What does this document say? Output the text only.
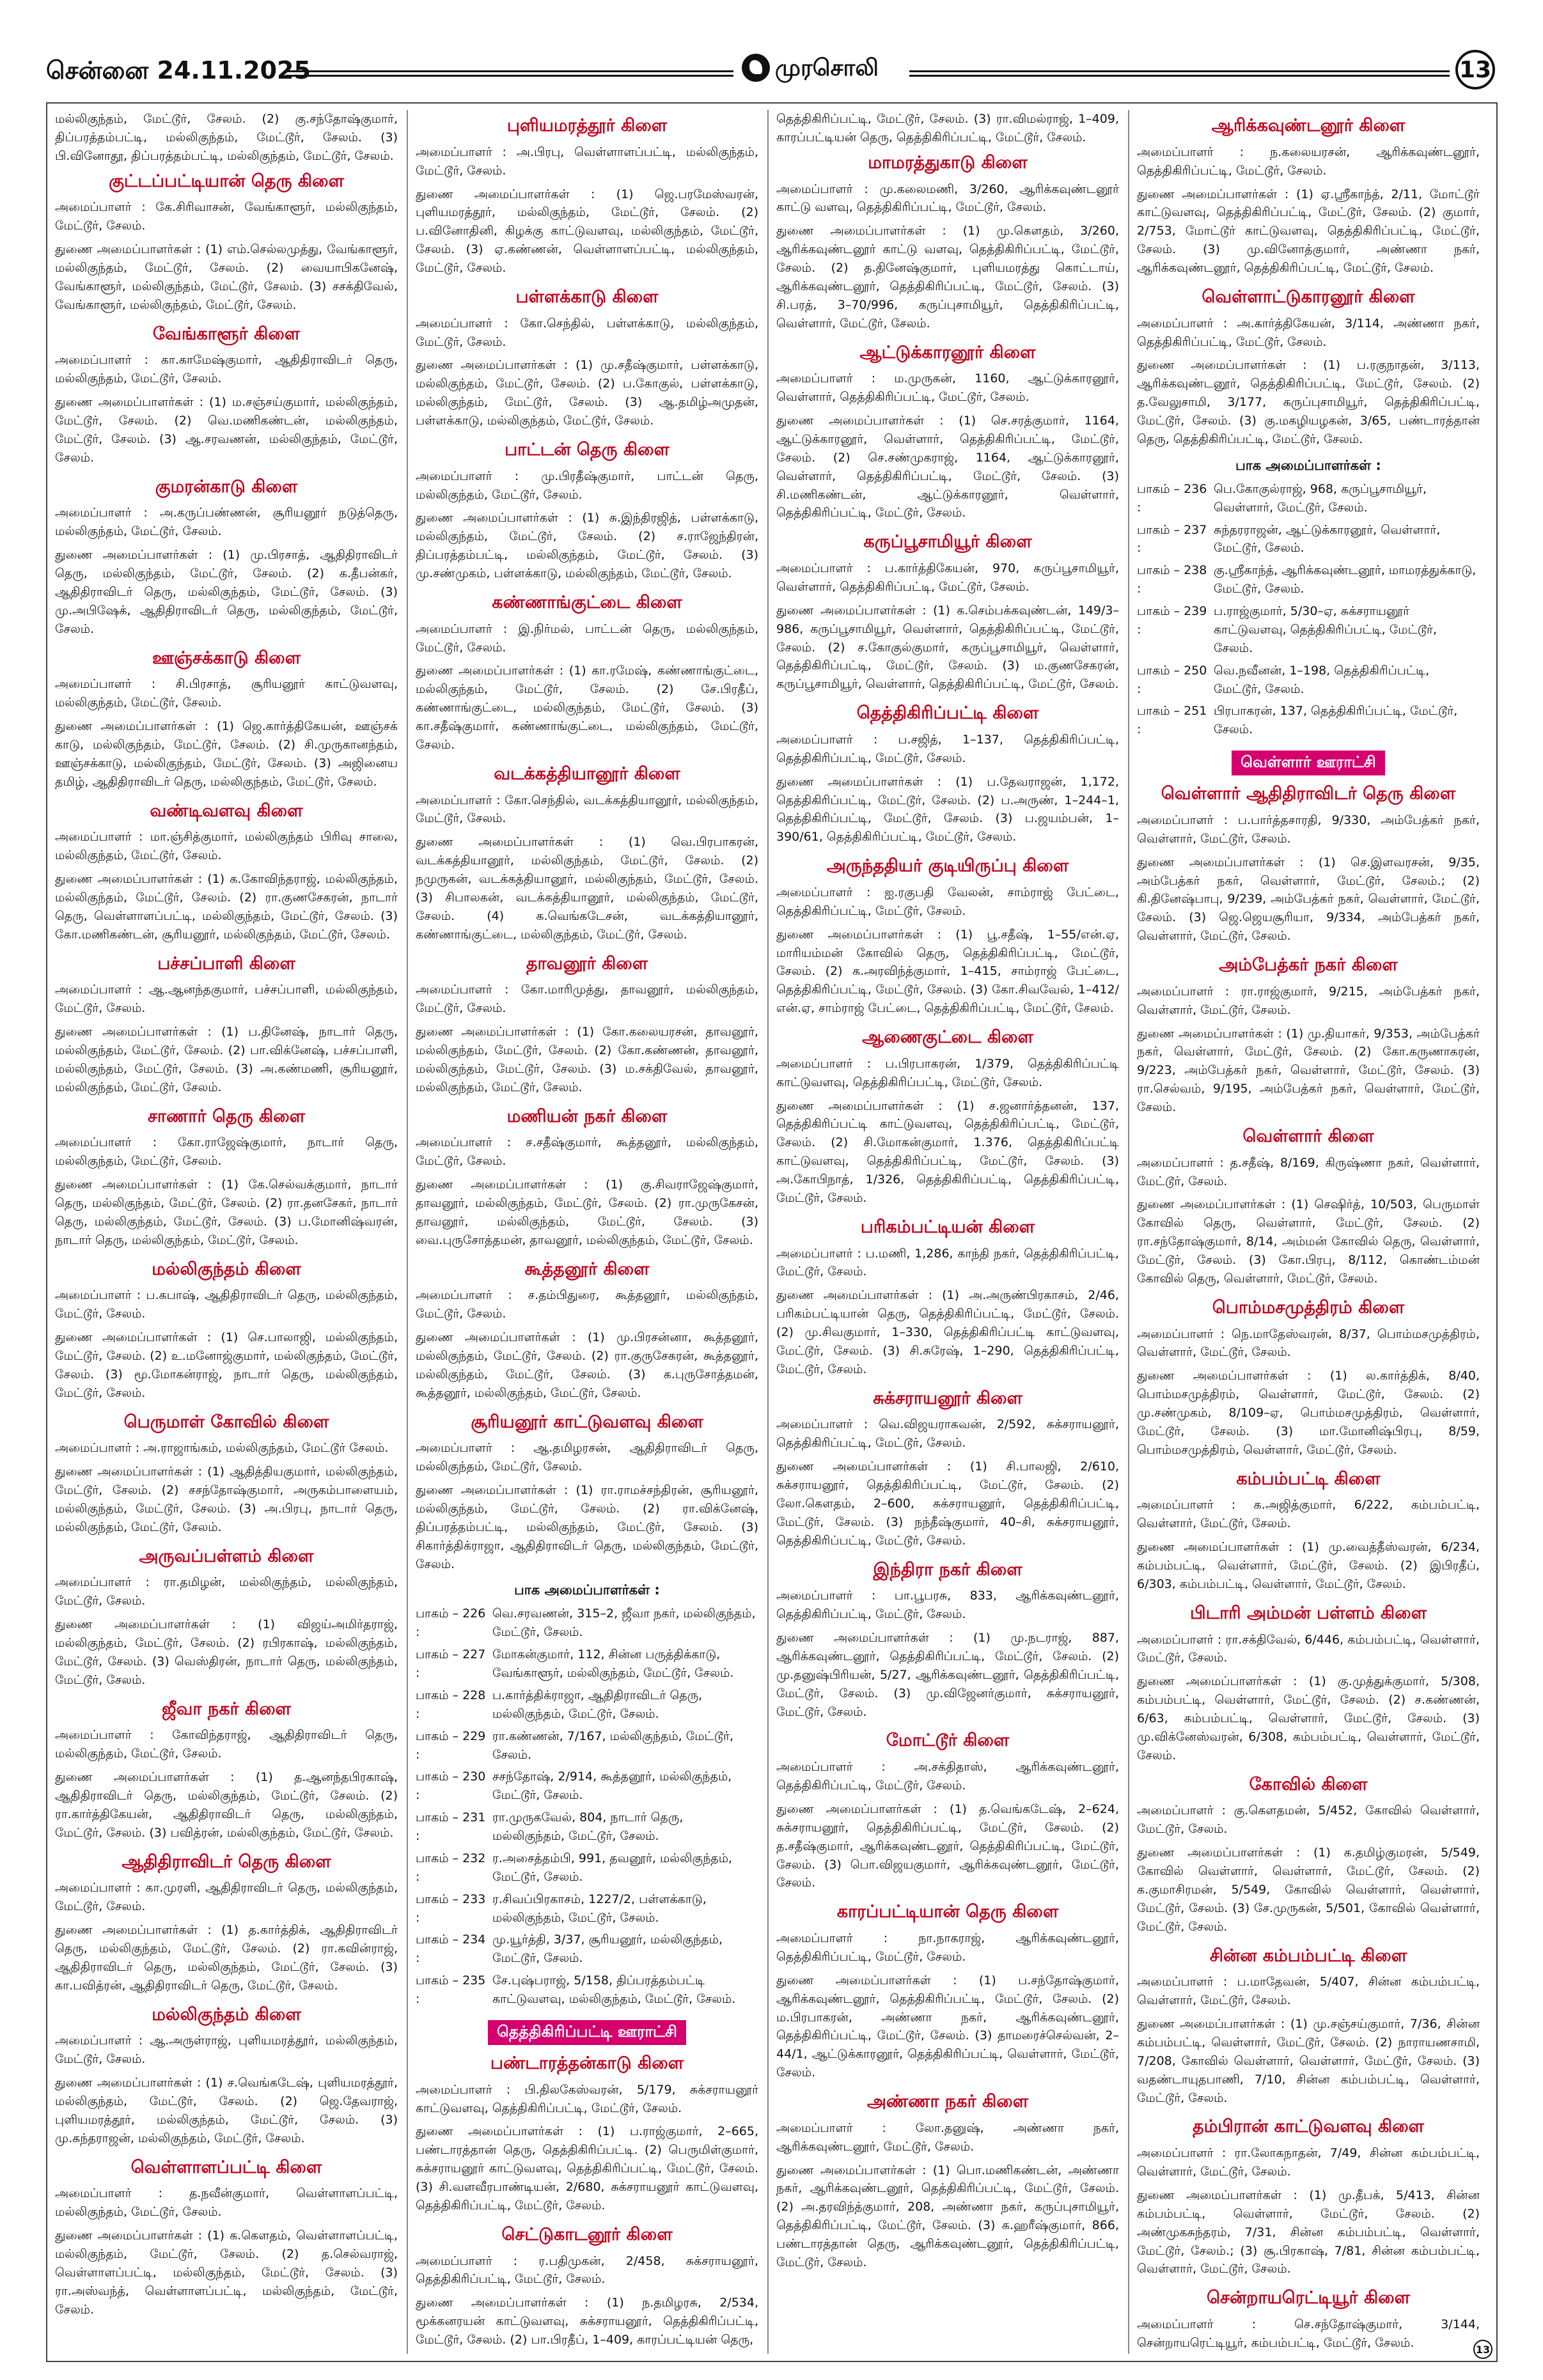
சென்னை 24.11.2025	முரசொலி	13
மல்லிகுந்தம், மேட்டூர், சேலம். (2) கு.சந்தோஷ்குமார், திப்பரத்தம்பட்டி, மல்லிகுந்தம், மேட்டூர், சேலம். (3) பி.வினோதூ, திப்பரத்தம்பட்டி, மல்லிகுந்தம், மேட்டூர், சேலம்.
குட்டப்பட்டியான் தெரு கிளை
அமைப்பாளர் : கே.சிரிவாசன், வேங்காளூர், மல்லிகுந்தம், மேட்டூர், சேலம்.
துணை அமைப்பாளர்கள் : (1) எம்.செல்லமுத்து, வேங்காளூர், மல்லிகுந்தம், மேட்டூர், சேலம். (2) வையாபிகனேஷ், வேங்காளூர், மல்லிகுந்தம், மேட்டூர், சேலம். (3) சசக்திவேல், வேங்காளூர், மல்லிகுந்தம், மேட்டூர், சேலம்.
வேங்காளூர் கிளை
அமைப்பாளர் : கா.காமேஷ்குமார், ஆதிதிராவிடர் தெரு, மல்லிகுந்தம், மேட்டூர், சேலம்.
துணை அமைப்பாளர்கள் : (1) ம.சஞ்சய்குமார், மல்லிகுந்தம், மேட்டூர், சேலம். (2) வெ.மணிகண்டன், மல்லிகுந்தம், மேட்டூர், சேலம். (3) ஆ.சரவணன், மல்லிகுந்தம், மேட்டூர், சேலம்.
குமரன்காடு கிளை
அமைப்பாளர் : அ.கருப்பண்ணன், சூரியனூர் நடுத்தெரு, மல்லிகுந்தம், மேட்டூர், சேலம்.
துணை அமைப்பாளர்கள் : (1) மு.பிரசாத், ஆதிதிராவிடர் தெரு, மல்லிகுந்தம், மேட்டூர், சேலம். (2) க.தீபன்கர், ஆதிதிராவிடர் தெரு, மல்லிகுந்தம், மேட்டூர், சேலம். (3) மு.அபிஷேக், ஆதிதிராவிடர் தெரு, மல்லிகுந்தம், மேட்டூர், சேலம்.
ஊஞ்சக்காடு கிளை
அமைப்பாளர் : சி.பிரசாத், சூரியனூர் காட்டுவளவு, மல்லிகுந்தம், மேட்டூர், சேலம்.
துணை அமைப்பாளர்கள் : (1) ஜெ.கார்த்திகேயன், ஊஞ்சக் காடு, மல்லிகுந்தம், மேட்டூர், சேலம். (2) சி.முருகானந்தம், ஊஞ்சக்காடு, மல்லிகுந்தம், மேட்டூர், சேலம். (3) அஜினைய தமிழ், ஆதிதிராவிடர் தெரு, மல்லிகுந்தம், மேட்டூர், சேலம்.
வண்டிவளவு கிளை
அமைப்பாளர் : மா.ஞ்சித்குமார், மல்லிகுந்தம் பிரிவு சாலை, மல்லிகுந்தம், மேட்டூர், சேலம்.
துணை அமைப்பாளர்கள் : (1) க.கோவிந்தராஜ், மல்லிகுந்தம், மல்லிகுந்தம், மேட்டூர், சேலம். (2) ரா.குணசேகரன், நாடார் தெரு, வெள்ளாளப்பட்டி, மல்லிகுந்தம், மேட்டூர், சேலம். (3) கோ.மணிகண்டன், சூரியனூர், மல்லிகுந்தம், மேட்டூர், சேலம்.
பச்சப்பாளி கிளை
அமைப்பாளர் : ஆ.ஆனந்தகுமார், பச்சப்பாளி, மல்லிகுந்தம், மேட்டூர், சேலம்.
துணை அமைப்பாளர்கள் : (1) ப.தினேஷ், நாடார் தெரு, மல்லிகுந்தம், மேட்டூர், சேலம். (2) பா.விக்னேஷ், பச்சப்பாளி, மல்லிகுந்தம், மேட்டூர், சேலம். (3) அ.கண்மணி, சூரியனூர், மல்லிகுந்தம், மேட்டூர், சேலம்.
சாணார் தெரு கிளை
அமைப்பாளர் : கோ.ராஜேஷ்குமார், நாடார் தெரு, மல்லிகுந்தம், மேட்டூர், சேலம்.
துணை அமைப்பாளர்கள் : (1) கே.செல்வக்குமார், நாடார் தெரு, மல்லிகுந்தம், மேட்டூர், சேலம். (2) ரா.தனசேகர், நாடார் தெரு, மல்லிகுந்தம், மேட்டூர், சேலம். (3) ப.மோனிஷ்வரன், நாடார் தெரு, மல்லிகுந்தம், மேட்டூர், சேலம்.
மல்லிகுந்தம் கிளை
அமைப்பாளர் : ப.கபாஷ், ஆதிதிராவிடர் தெரு, மல்லிகுந்தம், மேட்டூர், சேலம்.
துணை அமைப்பாளர்கள் : (1) செ.பாலாஜி, மல்லிகுந்தம், மேட்டூர், சேலம். (2) உ.மனோஜ்குமார், மல்லிகுந்தம், மேட்டூர், சேலம். (3) மூ.மோகன்ராஜ், நாடார் தெரு, மல்லிகுந்தம், மேட்டூர், சேலம்.
பெருமாள் கோவில் கிளை
அமைப்பாளர் : அ.ராஜாங்கம், மல்லிகுந்தம், மேட்டூர் சேலம்.
துணை அமைப்பாளர்கள் : (1) ஆதித்தியகுமார், மல்லிகுந்தம், மேட்டூர், சேலம். (2) சசந்தோஷ்குமார், அருகம்பாளையம், மல்லிகுந்தம், மேட்டூர், சேலம். (3) அ.பிரபு, நாடார் தெரு, மல்லிகுந்தம், மேட்டூர், சேலம்.
அருவப்பள்ளம் கிளை
அமைப்பாளர் : ரா.தமிழன், மல்லிகுந்தம், மல்லிகுந்தம், மேட்டூர், சேலம்.
துணை அமைப்பாளர்கள் : (1) விஜய்அமிர்தராஜ், மல்லிகுந்தம், மேட்டூர், சேலம். (2) ரபிரகாஷ், மல்லிகுந்தம், மேட்டூர், சேலம். (3) வெஸ்திரன், நாடார் தெரு, மல்லிகுந்தம், மேட்டூர், சேலம்.
ஜீவா நகர் கிளை
அமைப்பாளர் : கோவிந்தராஜ், ஆதிதிராவிடர் தெரு, மல்லிகுந்தம், மேட்டூர், சேலம்.
துணை அமைப்பாளர்கள் : (1) த.ஆனந்தபிரகாஷ், ஆதிதிராவிடர் தெரு, மல்லிகுந்தம், மேட்டூர், சேலம். (2) ரா.கார்த்திகேயன், ஆதிதிராவிடர் தெரு, மல்லிகுந்தம், மேட்டூர், சேலம். (3) பவித்ரன், மல்லிகுந்தம், மேட்டூர், சேலம்.
ஆதிதிராவிடர் தெரு கிளை
அமைப்பாளர் : கா.முரளி, ஆதிதிராவிடர் தெரு, மல்லிகுந்தம், மேட்டூர், சேலம்.
துணை அமைப்பாளர்கள் : (1) த.கார்த்திக், ஆதிதிராவிடர் தெரு, மல்லிகுந்தம், மேட்டூர், சேலம். (2) ரா.கவின்ராஜ், ஆதிதிராவிடர் தெரு, மல்லிகுந்தம், மேட்டூர், சேலம். (3) கா.பவித்ரன், ஆதிதிராவிடர் தெரு, மேட்டூர், சேலம்.
மல்லிகுந்தம் கிளை
அமைப்பாளர் : ஆ.அருள்ராஜ், புளியமரத்தூர், மல்லிகுந்தம், மேட்டூர், சேலம்.
துணை அமைப்பாளர்கள் : (1) ச.வெங்கடேஷ், புளியமரத்தூர், மல்லிகுந்தம், மேட்டூர், சேலம். (2) ஜெ.தேவராஜ், புளியமரத்தூர், மல்லிகுந்தம், மேட்டூர், சேலம். (3) மு.கந்தராஜன், மல்லிகுந்தம், மேட்டூர், சேலம்.
வெள்ளாளப்பட்டி கிளை
அமைப்பாளர் : த.நவீன்குமார், வெள்ளாளப்பட்டி, மல்லிகுந்தம், மேட்டூர், சேலம்.
துணை அமைப்பாளர்கள் : (1) க.கௌதம், வெள்ளாளப்பட்டி, மல்லிகுந்தம், மேட்டூர், சேலம். (2) த.செல்வராஜ், வெள்ளாளப்பட்டி, மல்லிகுந்தம், மேட்டூர், சேலம். (3) ரா.அஸ்வந்த், வெள்ளாளப்பட்டி, மல்லிகுந்தம், மேட்டூர், சேலம்.
புளியமரத்தூர் கிளை
அமைப்பாளர் : அ.பிரபு, வெள்ளாளப்பட்டி, மல்லிகுந்தம், மேட்டூர், சேலம்.
துணை அமைப்பாளர்கள் : (1) ஜெ.பரமேஸ்வரன், புளியமரத்தூர், மல்லிகுந்தம், மேட்டூர், சேலம். (2) ப.வினோதினி, கிழக்கு காட்டுவளவு, மல்லிகுந்தம், மேட்டூர், சேலம். (3) ஏ.கண்ணன், வெள்ளாளப்பட்டி, மல்லிகுந்தம், மேட்டூர், சேலம்.
பள்ளக்காடு கிளை
அமைப்பாளர் : கோ.செந்தில், பள்ளக்காடு, மல்லிகுந்தம், மேட்டூர், சேலம்.
துணை அமைப்பாளர்கள் : (1) மு.சதீஷ்குமார், பள்ளக்காடு, மல்லிகுந்தம், மேட்டூர், சேலம். (2) ப.கோகுல், பள்ளக்காடு, மல்லிகுந்தம், மேட்டூர், சேலம். (3) ஆ.தமிழ்அமுதன், பள்ளக்காடு, மல்லிகுந்தம், மேட்டூர், சேலம்.
பாட்டன் தெரு கிளை
அமைப்பாளர் : மு.பிரதீஷ்குமார், பாட்டன் தெரு, மல்லிகுந்தம், மேட்டூர், சேலம்.
துணை அமைப்பாளர்கள் : (1) சு.இந்திரஜித், பள்ளக்காடு, மல்லிகுந்தம், மேட்டூர், சேலம். (2) ச.ராஜேந்திரன், திப்பரத்தம்பட்டி, மல்லிகுந்தம், மேட்டூர், சேலம். (3) மு.சண்முகம், பள்ளக்காடு, மல்லிகுந்தம், மேட்டூர், சேலம்.
கண்ணாங்குட்டை கிளை
அமைப்பாளர் : இ.நிர்மல், பாட்டன் தெரு, மல்லிகுந்தம், மேட்டூர், சேலம்.
துணை அமைப்பாளர்கள் : (1) கா.ரமேஷ், கண்ணாங்குட்டை, மல்லிகுந்தம், மேட்டூர், சேலம். (2) சே.பிரதீப், கண்ணாங்குட்டை, மல்லிகுந்தம், மேட்டூர், சேலம். (3) கா.சதீஷ்குமார், கண்ணாங்குட்டை, மல்லிகுந்தம், மேட்டூர், சேலம்.
வடக்கத்தியானூர் கிளை
அமைப்பாளர் : கோ.செந்தில், வடக்கத்தியானூர், மல்லிகுந்தம், மேட்டூர், சேலம்.
துணை அமைப்பாளர்கள் : (1) வெ.பிரபாகரன், வடக்கத்தியானூர், மல்லிகுந்தம், மேட்டூர், சேலம். (2) நமுருகன், வடக்கத்தியானூர், மல்லிகுந்தம், மேட்டூர், சேலம். (3) சிபாலகன், வடக்கத்தியானூர், மல்லிகுந்தம், மேட்டூர், சேலம். (4) க.வெங்கடேசன், வடக்கத்தியானூர், கண்ணாங்குட்டை, மல்லிகுந்தம், மேட்டூர், சேலம்.
தாவனூர் கிளை
அமைப்பாளர் : கோ.மாரிமுத்து, தாவனூர், மல்லிகுந்தம், மேட்டூர், சேலம்.
துணை அமைப்பாளர்கள் : (1) கோ.கலையரசன், தாவனூர், மல்லிகுந்தம், மேட்டூர், சேலம். (2) கோ.கண்ணன், தாவனூர், மல்லிகுந்தம், மேட்டூர், சேலம். (3) ம.சக்திவேல், தாவனூர், மல்லிகுந்தம், மேட்டூர், சேலம்.
மணியன் நகர் கிளை
அமைப்பாளர் : ச.சதீஷ்குமார், கூத்தனூர், மல்லிகுந்தம், மேட்டூர், சேலம்.
துணை அமைப்பாளர்கள் : (1) கு.சிவராஜேஷ்குமார், தாவனூர், மல்லிகுந்தம், மேட்டூர், சேலம். (2) ரா.முருகேசன், தாவனூர், மல்லிகுந்தம், மேட்டூர், சேலம். (3) வை.புருசோத்தமன், தாவனூர், மல்லிகுந்தம், மேட்டூர், சேலம்.
கூத்தனூர் கிளை
அமைப்பாளர் : ச.தம்பிதுரை, கூத்தனூர், மல்லிகுந்தம், மேட்டூர், சேலம்.
துணை அமைப்பாளர்கள் : (1) மு.பிரசன்னா, கூத்தனூர், மல்லிகுந்தம், மேட்டூர், சேலம். (2) ரா.குருசேகரன், கூத்தனூர், மல்லிகுந்தம், மேட்டூர், சேலம். (3) க.புருசோத்தமன், கூத்தனூர், மல்லிகுந்தம், மேட்டூர், சேலம்.
சூரியனூர் காட்டுவளவு கிளை
அமைப்பாளர் : ஆ.தமிழரசன், ஆதிதிராவிடர் தெரு, மல்லிகுந்தம், மேட்டூர், சேலம்.
துணை அமைப்பாளர்கள் : (1) ரா.ராமச்சந்திரன், சூரியனூர், மல்லிகுந்தம், மேட்டூர், சேலம். (2) ரா.விக்னேஷ், திப்பரத்தம்பட்டி, மல்லிகுந்தம், மேட்டூர், சேலம். (3) சிகார்த்திக்ராஜா, ஆதிதிராவிடர் தெரு, மல்லிகுந்தம், மேட்டூர், சேலம்.
பாக அமைப்பாளர்கள் :
பாகம் – 226 :
வெ.சரவணன், 315–2, ஜீவா நகர், மல்லிகுந்தம், மேட்டூர், சேலம்.
பாகம் – 227 :
மோகன்குமார், 112, சின்ன பருத்திக்காடு, வேங்காளூர், மல்லிகுந்தம், மேட்டூர், சேலம்.
பாகம் – 228 :
ப.கார்த்திக்ராஜா, ஆதிதிராவிடர் தெரு, மல்லிகுந்தம், மேட்டூர், சேலம்.
பாகம் – 229 :
ரா.கண்ணன், 7/167, மல்லிகுந்தம், மேட்டூர், சேலம்.
பாகம் – 230 :
சசந்தோஷ், 2/914, கூத்தனூர், மல்லிகுந்தம், மேட்டூர், சேலம்.
பாகம் – 231 :
ரா.முருகவேல், 804, நாடார் தெரு, மல்லிகுந்தம், மேட்டூர், சேலம்.
பாகம் – 232 :
ர.அசைத்தம்பி, 991, தவனூர், மல்லிகுந்தம், மேட்டூர், சேலம்.
பாகம் – 233 :
ர.சிவப்பிரகாசம், 1227/2, பள்ளக்காடு, மல்லிகுந்தம், மேட்டூர், சேலம்.
பாகம் – 234 :
மு.யூர்த்தி, 3/37, சூரியனூர், மல்லிகுந்தம், மேட்டூர், சேலம்.
பாகம் – 235 :
சே.புஷ்பராஜ், 5/158, திப்பரத்தம்பட்டி காட்டுவளவு, மல்லிகுந்தம், மேட்டூர், சேலம்.
தெத்திகிரிப்பட்டி ஊராட்சி
பண்டாரத்தன்காடு கிளை
அமைப்பாளர் : பி.திலகேஸ்வரன், 5/179, சுக்சராயனூர் காட்டுவளவு, தெத்திகிரிப்பட்டி, மேட்டூர், சேலம்.
துணை அமைப்பாளர்கள் : (1) ப.ராஜ்குமார், 2–665, பண்டாரத்தான் தெரு, தெத்திகிரிப்பட்டி. (2) பெருமிள்குமார், சுக்சராயனூர் காட்டுவளவு, தெத்திகிரிப்பட்டி, மேட்டூர், சேலம். (3) சி.வளவீரபாண்டியன், 2/680, சுக்சராயனூர் காட்டுவளவு, தெத்திகிரிப்பட்டி, மேட்டூர், சேலம்.
செட்டுகாடனூர் கிளை
அமைப்பாளர் : ர.பதிமுகன், 2/458, சுக்சராயனூர், தெத்திகிரிப்பட்டி, மேட்டூர், சேலம்.
துணை அமைப்பாளர்கள் : (1) ந.தமிழரசு, 2/534, மூக்கனரயன் காட்டுவளவு, சுக்சராயனூர், தெத்திகிரிப்பட்டி, மேட்டூர், சேலம். (2) பா.பிரதீப், 1–409, காரப்பட்டியன் தெரு,
தெத்திகிரிப்பட்டி, மேட்டூர், சேலம். (3) ரா.விமல்ராஜ், 1–409, காரப்பட்டியன் தெரு, தெத்திகிரிப்பட்டி, மேட்டூர், சேலம்.
மாமரத்துகாடு கிளை
அமைப்பாளர் : மு.கலைமணி, 3/260, ஆரிக்கவுண்டனூர் காட்டு வளவு, தெத்திகிரிப்பட்டி, மேட்டூர், சேலம்.
துணை அமைப்பாளர்கள் : (1) மு.கௌதம், 3/260, ஆரிக்கவுண்டனூர் காட்டு வளவு, தெத்திகிரிப்பட்டி, மேட்டூர், சேலம். (2) த.தினேஷ்குமார், புளியமரத்து கொட்டாய், ஆரிக்கவுண்டனூர், தெத்திகிரிப்பட்டி, மேட்டூர், சேலம். (3) சி.பரத், 3–70/996, கருப்புசாமியூர், தெத்திகிரிப்பட்டி, வெள்ளார், மேட்டூர், சேலம்.
ஆட்டுக்காரனூர் கிளை
அமைப்பாளர் : ம.முருகன், 1160, ஆட்டுக்காரனூர், வெள்ளார், தெத்திகிரிப்பட்டி, மேட்டூர், சேலம்.
துணை அமைப்பாளர்கள் : (1) செ.சரத்குமார், 1164, ஆட்டுக்காரனூர், வெள்ளார், தெத்திகிரிப்பட்டி, மேட்டூர், சேலம். (2) செ.சண்முகராஜ், 1164, ஆட்டுக்காரனூர், வெள்ளார், தெத்திகிரிப்பட்டி, மேட்டூர், சேலம். (3) சி.மணிகண்டன், ஆட்டுக்காரனூர், வெள்ளார், தெத்திகிரிப்பட்டி, மேட்டூர், சேலம்.
கருப்பூசாமியூர் கிளை
அமைப்பாளர் : ப.கார்த்திகேயன், 970, கருப்பூசாமியூர், வெள்ளார், தெத்திகிரிப்பட்டி, மேட்டூர், சேலம்.
துணை அமைப்பாளர்கள் : (1) க.செம்பக்கவுண்டன், 149/3–986, கருப்பூசாமியூர், வெள்ளார், தெத்திகிரிப்பட்டி, மேட்டூர், சேலம். (2) ச.கோகுல்குமார், கருப்பூசாமியூர், வெள்ளார், தெத்திகிரிப்பட்டி, மேட்டூர், சேலம். (3) ம.குணசேகரன், கருப்பூசாமியூர், வெள்ளார், தெத்திகிரிப்பட்டி, மேட்டூர், சேலம்.
தெத்திகிரிப்பட்டி கிளை
அமைப்பாளர் : ப.சஜித், 1–137, தெத்திகிரிப்பட்டி, தெத்திகிரிப்பட்டி, மேட்டூர், சேலம்.
துணை அமைப்பாளர்கள் : (1) ப.தேவராஜன், 1,172, தெத்திகிரிப்பட்டி, மேட்டூர், சேலம். (2) ப.அருண், 1–244–1, தெத்திகிரிப்பட்டி, மேட்டூர், சேலம். (3) ப.ஜயம்பன், 1–390/61, தெத்திகிரிப்பட்டி, மேட்டூர், சேலம்.
அருந்ததியர் குடியிருப்பு கிளை
அமைப்பாளர் : ஐ.ரகுபதி வேலன், சாம்ராஜ் பேட்டை, தெத்திகிரிப்பட்டி, மேட்டூர், சேலம்.
துணை அமைப்பாளர்கள் : (1) பூ.சதீஷ், 1–55/என்.ஏ, மாரியம்மன் கோவில் தெரு, தெத்திகிரிப்பட்டி, மேட்டூர், சேலம். (2) க.அரவிந்த்குமார், 1–415, சாம்ராஜ் பேட்டை, தெத்திகிரிப்பட்டி, மேட்டூர், சேலம். (3) கோ.சிவவேல், 1–412/ என்.ஏ, சாம்ராஜ் பேட்டை, தெத்திகிரிப்பட்டி, மேட்டூர், சேலம்.
ஆணைகுட்டை கிளை
அமைப்பாளர் : ப.பிரபாகரன், 1/379, தெத்திகிரிப்பட்டி காட்டுவளவு, தெத்திகிரிப்பட்டி, மேட்டூர், சேலம்.
துணை அமைப்பாளர்கள் : (1) ச.ஜனார்த்தனன், 137, தெத்திகிரிப்பட்டி காட்டுவளவு, தெத்திகிரிப்பட்டி, மேட்டூர், சேலம். (2) சி.மோகன்குமார், 1.376, தெத்திகிரிப்பட்டி காட்டுவளவு, தெத்திகிரிப்பட்டி, மேட்டூர், சேலம். (3) அ.கோபிநாத், 1/326, தெத்திகிரிப்பட்டி, தெத்திகிரிப்பட்டி, மேட்டூர், சேலம்.
பரிகம்பட்டியன் கிளை
அமைப்பாளர் : ப.மணி, 1,286, காந்தி நகர், தெத்திகிரிப்பட்டி, மேட்டூர், சேலம்.
துணை அமைப்பாளர்கள் : (1) அ.அருண்பிரகாசம், 2/46, பரிகம்பட்டியான் தெரு, தெத்திகிரிப்பட்டி, மேட்டூர், சேலம். (2) மு.சிவகுமார், 1–330, தெத்திகிரிப்பட்டி காட்டுவளவு, மேட்டூர், சேலம். (3) சி.சுரேஷ், 1–290, தெத்திகிரிப்பட்டி, மேட்டூர், சேலம்.
சுக்சராயனூர் கிளை
அமைப்பாளர் : வெ.விஜயராகவன், 2/592, சுக்சராயனூர், தெத்திகிரிப்பட்டி, மேட்டூர், சேலம்.
துணை அமைப்பாளர்கள் : (1) சி.பாலஜி, 2/610, சுக்சராயனூர், தெத்திகிரிப்பட்டி, மேட்டூர், சேலம். (2) லோ.கௌதம், 2–600, சுக்சராயனூர், தெத்திகிரிப்பட்டி, மேட்டூர், சேலம். (3) நந்தீஷ்குமார், 40–சி, சுக்சராயனூர், தெத்திகிரிப்பட்டி, மேட்டூர், சேலம்.
இந்திரா நகர் கிளை
அமைப்பாளர் : பா.பூபரசு, 833, ஆரிக்கவுண்டனூர், தெத்திகிரிப்பட்டி, மேட்டூர், சேலம்.
துணை அமைப்பாளர்கள் : (1) மு.நடராஜ், 887, ஆரிக்கவுண்டனூர், தெத்திகிரிப்பட்டி, மேட்டூர், சேலம். (2) மு.தனுஷ்பிரியன், 5/27, ஆரிக்கவுண்டனூர், தெத்திகிரிப்பட்டி, மேட்டூர், சேலம். (3) மு.விஜேனர்குமார், சுக்சராயனூர், மேட்டூர், சேலம்.
மோட்டூர் கிளை
அமைப்பாளர் : அ.சக்திதாஸ், ஆரிக்கவுண்டனூர், தெத்திகிரிப்பட்டி, மேட்டூர், சேலம்.
துணை அமைப்பாளர்கள் : (1) த.வெங்கடேஷ், 2–624, சுக்சராயனூர், தெத்திகிரிப்பட்டி, மேட்டூர், சேலம். (2) த.சதீஷ்குமார், ஆரிக்கவுண்டனூர், தெத்திகிரிப்பட்டி, மேட்டூர், சேலம். (3) பொ.விஜயகுமார், ஆரிக்கவுண்டனூர், மேட்டூர், சேலம்.
காரப்பட்டியான் தெரு கிளை
அமைப்பாளர் : நா.நாகராஜ், ஆரிக்கவுண்டனூர், தெத்திகிரிப்பட்டி, மேட்டூர், சேலம்.
துணை அமைப்பாளர்கள் : (1) ப.சந்தோஷ்குமார், ஆரிக்கவுண்டனூர், தெத்திகிரிப்பட்டி, மேட்டூர், சேலம். (2) ம.பிரபாகரன், அண்ணா நகர், ஆரிக்கவுண்டனூர், தெத்திகிரிப்பட்டி, மேட்டூர், சேலம். (3) தாமரைச்செல்வன், 2–44/1, ஆட்டுக்காரனூர், தெத்திகிரிப்பட்டி, வெள்ளார், மேட்டூர், சேலம்.
அண்ணா நகர் கிளை
அமைப்பாளர் : லோ.தனுஷ், அண்ணா நகர், ஆரிக்கவுண்டனூர், மேட்டூர், சேலம்.
துணை அமைப்பாளர்கள் : (1) பொ.மணிகண்டன், அண்ணா நகர், ஆரிக்கவுண்டனூர், தெத்திகிரிப்பட்டி, மேட்டூர், சேலம். (2) அ.தரவிந்த்குமார், 208, அண்ணா நகர், கருப்புசாமியூர், தெத்திகிரிப்பட்டி, மேட்டூர், சேலம். (3) க.ஹரீஷ்குமார், 866, பண்டாரத்தான் தெரு, ஆரிக்கவுண்டனூர், தெத்திகிரிப்பட்டி, மேட்டூர், சேலம்.
ஆரிக்கவுண்டனூர் கிளை
அமைப்பாளர் : ந.கலையரசன், ஆரிக்கவுண்டனூர், தெத்திகிரிப்பட்டி, மேட்டூர், சேலம்.
துணை அமைப்பாளர்கள் : (1) ஏ.ஸ்ரீகாந்த், 2/11, மோட்டூர் காட்டுவளவு, தெத்திகிரிப்பட்டி, மேட்டூர், சேலம். (2) குமார், 2/753, மோட்டூர் காட்டுவளவு, தெத்திகிரிப்பட்டி, மேட்டூர், சேலம். (3) மு.வினோத்குமார், அண்ணா நகர், ஆரிக்கவுண்டனூர், தெத்திகிரிப்பட்டி, மேட்டூர், சேலம்.
வெள்ளாட்டுகாரனூர் கிளை
அமைப்பாளர் : அ.கார்த்திகேயன், 3/114, அண்ணா நகர், தெத்திகிரிப்பட்டி, மேட்டூர், சேலம்.
துணை அமைப்பாளர்கள் : (1) ப.ரகுநாதன், 3/113, ஆரிக்கவுண்டனூர், தெத்திகிரிப்பட்டி, மேட்டூர், சேலம். (2) த.வேலுசாமி, 3/177, கருப்புசாமியூர், தெத்திகிரிப்பட்டி, மேட்டூர், சேலம். (3) கு.மகழியழகன், 3/65, பண்டாரத்தான் தெரு, தெத்திகிரிப்பட்டி, மேட்டூர், சேலம்.
பாக அமைப்பாளர்கள் :
பாகம் – 236 :
பெ.கோகுல்ராஜ், 968, கருப்பூசாமியூர், வெள்ளார், மேட்டூர், சேலம்.
பாகம் – 237 :
சுந்தரராஜன், ஆட்டுக்காரனூர், வெள்ளார், மேட்டூர், சேலம்.
பாகம் – 238 :
கு.ஸ்ரீகாந்த், ஆரிக்கவுண்டனூர், மாமரத்துக்காடு, மேட்டூர், சேலம்.
பாகம் – 239 :
ப.ராஜ்குமார், 5/30–ஏ, சுக்சராயனூர் காட்டுவளவு, தெத்திகிரிப்பட்டி, மேட்டூர், சேலம்.
பாகம் – 250 :
வெ.நவீனன், 1–198, தெத்திகிரிப்பட்டி, மேட்டூர், சேலம்.
பாகம் – 251 :
பிரபாகரன், 137, தெத்திகிரிப்பட்டி, மேட்டூர், சேலம்.
வெள்ளார் ஊராட்சி
வெள்ளார் ஆதிதிராவிடர் தெரு கிளை
அமைப்பாளர் : ப.பார்த்தசாரதி, 9/330, அம்பேத்கர் நகர், வெள்ளார், மேட்டூர், சேலம்.
துணை அமைப்பாளர்கள் : (1) செ.இளவரசன், 9/35, அம்பேத்கர் நகர், வெள்ளார், மேட்டூர், சேலம்.; (2) கி.தினேஷ்பாபு, 9/239, அம்பேத்கர் நகர், வெள்ளார், மேட்டூர், சேலம். (3) ஜெ.ஜெயசூரியா, 9/334, அம்பேத்கர் நகர், வெள்ளார், மேட்டூர், சேலம்.
அம்பேத்கர் நகர் கிளை
அமைப்பாளர் : ரா.ராஜ்குமார், 9/215, அம்பேத்கர் நகர், வெள்ளார், மேட்டூர், சேலம்.
துணை அமைப்பாளர்கள் : (1) மு.தியாகர், 9/353, அம்பேத்கர் நகர், வெள்ளார், மேட்டூர், சேலம். (2) கோ.கருணாகரன், 9/223, அம்பேத்கர் நகர், வெள்ளார், மேட்டூர், சேலம். (3) ரா.செல்வம், 9/195, அம்பேத்கர் நகர், வெள்ளார், மேட்டூர், சேலம்.
வெள்ளார் கிளை
அமைப்பாளர் : த.சதீஷ், 8/169, கிருஷ்ணா நகர், வெள்ளார், மேட்டூர், சேலம்.
துணை அமைப்பாளர்கள் : (1) செஷிர்த், 10/503, பெருமாள் கோவில் தெரு, வெள்ளார், மேட்டூர், சேலம். (2) ரா.சந்தோஷ்குமார், 8/14, அம்மன் கோவில் தெரு, வெள்ளார், மேட்டூர், சேலம். (3) கோ.பிரபு, 8/112, கொண்டம்மன் கோவில் தெரு, வெள்ளார், மேட்டூர், சேலம்.
பொம்மசமுத்திரம் கிளை
அமைப்பாளர் : நெ.மாதேஸ்வரன், 8/37, பொம்மசமுத்திரம், வெள்ளார், மேட்டூர், சேலம்.
துணை அமைப்பாளர்கள் : (1) ல.கார்த்திக், 8/40, பொம்மசமுத்திரம், வெள்ளார், மேட்டூர், சேலம். (2) மு.சண்முகம், 8/109–ஏ, பொம்மசமுத்திரம், வெள்ளார், மேட்டூர், சேலம். (3) மா.மோனிஷ்பிரபு, 8/59, பொம்மசமுத்திரம், வெள்ளார், மேட்டூர், சேலம்.
கம்பம்பட்டி கிளை
அமைப்பாளர் : க.அஜித்குமார், 6/222, கம்பம்பட்டி, வெள்ளார், மேட்டூர், சேலம்.
துணை அமைப்பாளர்கள் : (1) மு.வைத்தீஸ்வரன், 6/234, கம்பம்பட்டி, வெள்ளார், மேட்டூர், சேலம். (2) இபிரதீப், 6/303, கம்பம்பட்டி, வெள்ளார், மேட்டூர், சேலம்.
பிடாரி அம்மன் பள்ளம் கிளை
அமைப்பாளர் : ரா.சக்திவேல், 6/446, கம்பம்பட்டி, வெள்ளார், மேட்டூர், சேலம்.
துணை அமைப்பாளர்கள் : (1) கு.முத்துக்குமார், 5/308, கம்பம்பட்டி, வெள்ளார், மேட்டூர், சேலம். (2) ச.கண்ணன், 6/63, கம்பம்பட்டி, வெள்ளார், மேட்டூர், சேலம். (3) மு.விக்னேஸ்வரன், 6/308, கம்பம்பட்டி, வெள்ளார், மேட்டூர், சேலம்.
கோவில் கிளை
அமைப்பாளர் : கு.கௌதமன், 5/452, கோவில் வெள்ளார், மேட்டூர், சேலம்.
துணை அமைப்பாளர்கள் : (1) க.தமிழ்குமரன், 5/549, கோவில் வெள்ளார், வெள்ளார், மேட்டூர், சேலம். (2) க.குமாசிரமன், 5/549, கோவில் வெள்ளார், வெள்ளார், மேட்டூர், சேலம். (3) சே.முருகன், 5/501, கோவில் வெள்ளார், மேட்டூர், சேலம்.
சின்ன கம்பம்பட்டி கிளை
அமைப்பாளர் : ப.மாதேவன், 5/407, சின்ன கம்பம்பட்டி, வெள்ளார், மேட்டூர், சேலம்.
துணை அமைப்பாளர்கள் : (1) மு.சஞ்சய்குமார், 7/36, சின்ன கம்பம்பட்டி, வெள்ளார், மேட்டூர், சேலம். (2) நாராயணசாமி, 7/208, கோவில் வெள்ளார், வெள்ளார், மேட்டூர், சேலம். (3) வதண்டாயுதபாணி, 7/10, சின்ன கம்பம்பட்டி, வெள்ளார், மேட்டூர், சேலம்.
தம்பிரான் காட்டுவளவு கிளை
அமைப்பாளர் : ரா.லோகநாதன், 7/49, சின்ன கம்பம்பட்டி, வெள்ளார், மேட்டூர், சேலம்.
துணை அமைப்பாளர்கள் : (1) மு.தீபக், 5/413, சின்ன கம்பம்பட்டி, வெள்ளார், மேட்டூர், சேலம். (2) அண்முகசுந்தரம், 7/31, சின்ன கம்பம்பட்டி, வெள்ளார், மேட்டூர், சேலம்.; (3) சூ.பிரகாஷ், 7/81, சின்ன கம்பம்பட்டி, வெள்ளார், மேட்டூர், சேலம்.
சென்றாயரெட்டியூர் கிளை
அமைப்பாளர் : செ.சந்தோஷ்குமார், 3/144, சென்றாயரெட்டியூர், கம்பம்பட்டி, மேட்டூர், சேலம்.	13
